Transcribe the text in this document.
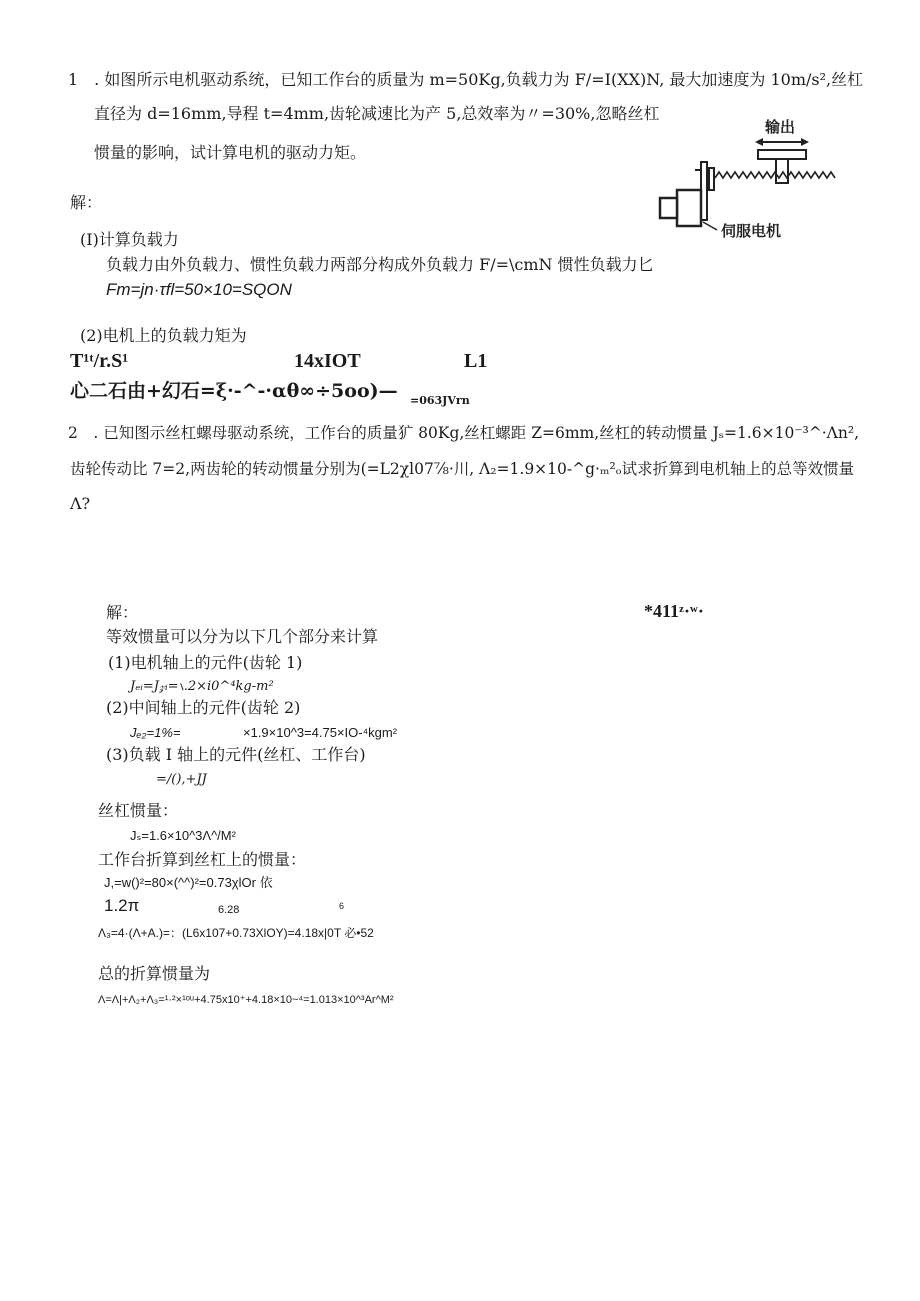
1　. 如图所示电机驱动系统，已知工作台的质量为 m=50Kg,负载力为 F/=I(XX)N, 最大加速度为 10m/s²,丝杠
直径为 d=16mm,导程 t=4mm,齿轮减速比为产 5,总效率为〃=30%,忽略丝杠
惯量的影响，试计算电机的驱动力矩。
解：
(I)计算负载力
负载力由外负载力、惯性负载力两部分构成外负载力 F/=\cmN 惯性负载力匕
Fm=jn·τfl=50×10=SQON
(2)电机上的负载力矩为
T¹ᵗ/r.S¹	14xIOT	L1
心二石由+幻石=ξ·-^-·αθ∞÷5oo)— =063JVrn
输出
伺服电机
2　. 已知图示丝杠螺母驱动系统，工作台的质量犷 80Kg,丝杠螺距 Z=6mm,丝杠的转动惯量 Jₛ=1.6×10⁻³^·Λn²,
齿轮传动比 7=2,两齿轮的转动惯量分别为(=L2χl07⅞·川, Λ₂=1.9×10-^g·ₘ²ₒ试求折算到电机轴上的总等效惯量
Λ?
解：	*411ᶻ·ʷ·
等效惯量可以分为以下几个部分来计算
(1)电机轴上的元件(齿轮 1)
Jₑᵢ=J𝓏ᵢ=∖.2×i0^⁴kg-m²
(2)中间轴上的元件(齿轮 2)
Jₑ₂=1%=	×1.9×10^3=4.75×IO-⁴kgm²
(3)负载 I 轴上的元件(丝杠、工作台)
=/(),+JJ
丝杠惯量：
Jₛ=1.6×10^3Λ^/M²
工作台折算到丝杠上的惯量：
J,=w()²=80×(^^)²=0.73χlOr 依
1.2π	6.28	6
Λ₃=4·(Λ+A.)=：(L6x107+0.73XlOY)=4.18x|0T 必•52
总的折算惯量为
Λ=Λ|+Λ₂+Λ₃=¹·²×¹ᵒᵘ+4.75x10⁺+4.18×10~⁴=1.013×10^³Ar^M²
